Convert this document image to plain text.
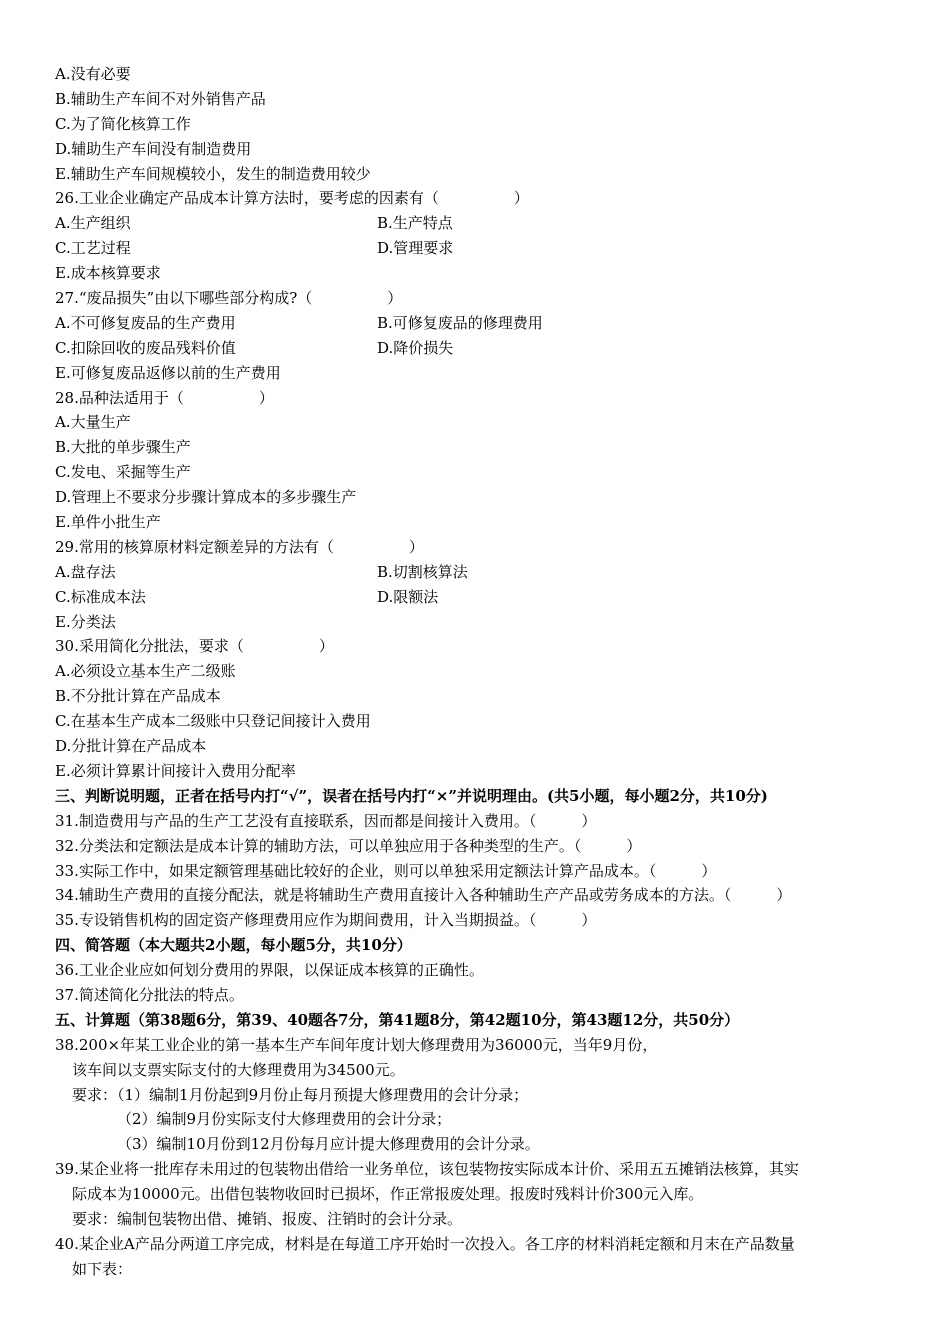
A.没有必要
B.辅助生产车间不对外销售产品
C.为了简化核算工作
D.辅助生产车间没有制造费用
E.辅助生产车间规模较小，发生的制造费用较少
26.工业企业确定产品成本计算方法时，要考虑的因素有（　　　　　）
A.生产组织	B.生产特点
C.工艺过程	D.管理要求
E.成本核算要求
27.“废品损失”由以下哪些部分构成?（　　　　　）
A.不可修复废品的生产费用	B.可修复废品的修理费用
C.扣除回收的废品残料价值	D.降价损失
E.可修复废品返修以前的生产费用
28.品种法适用于（　　　　　）
A.大量生产
B.大批的单步骤生产
C.发电、采掘等生产
D.管理上不要求分步骤计算成本的多步骤生产
E.单件小批生产
29.常用的核算原材料定额差异的方法有（　　　　　）
A.盘存法	B.切割核算法
C.标准成本法	D.限额法
E.分类法
30.采用简化分批法，要求（　　　　　）
A.必须设立基本生产二级账
B.不分批计算在产品成本
C.在基本生产成本二级账中只登记间接计入费用
D.分批计算在产品成本
E.必须计算累计间接计入费用分配率
三、判断说明题，正者在括号内打“√”，误者在括号内打“×”并说明理由。(共5小题，每小题2分，共10分)
31.制造费用与产品的生产工艺没有直接联系，因而都是间接计入费用。（　　　）
32.分类法和定额法是成本计算的辅助方法，可以单独应用于各种类型的生产。（　　　）
33.实际工作中，如果定额管理基础比较好的企业，则可以单独采用定额法计算产品成本。（　　　）
34.辅助生产费用的直接分配法，就是将辅助生产费用直接计入各种辅助生产产品或劳务成本的方法。（　　　）
35.专设销售机构的固定资产修理费用应作为期间费用，计入当期损益。（　　　）
四、简答题（本大题共2小题，每小题5分，共10分）
36.工业企业应如何划分费用的界限，以保证成本核算的正确性。
37.简述简化分批法的特点。
五、计算题（第38题6分，第39、40题各7分，第41题8分，第42题10分，第43题12分，共50分）
38.200×年某工业企业的第一基本生产车间年度计划大修理费用为36000元，当年9月份，
该车间以支票实际支付的大修理费用为34500元。
要求：（1）编制1月份起到9月份止每月预提大修理费用的会计分录；
（2）编制9月份实际支付大修理费用的会计分录；
（3）编制10月份到12月份每月应计提大修理费用的会计分录。
39.某企业将一批库存未用过的包装物出借给一业务单位，该包装物按实际成本计价、采用五五摊销法核算，其实
际成本为10000元。出借包装物收回时已损坏，作正常报废处理。报废时残料计价300元入库。
要求：编制包装物出借、摊销、报废、注销时的会计分录。
40.某企业A产品分两道工序完成，材料是在每道工序开始时一次投入。各工序的材料消耗定额和月末在产品数量
如下表：
